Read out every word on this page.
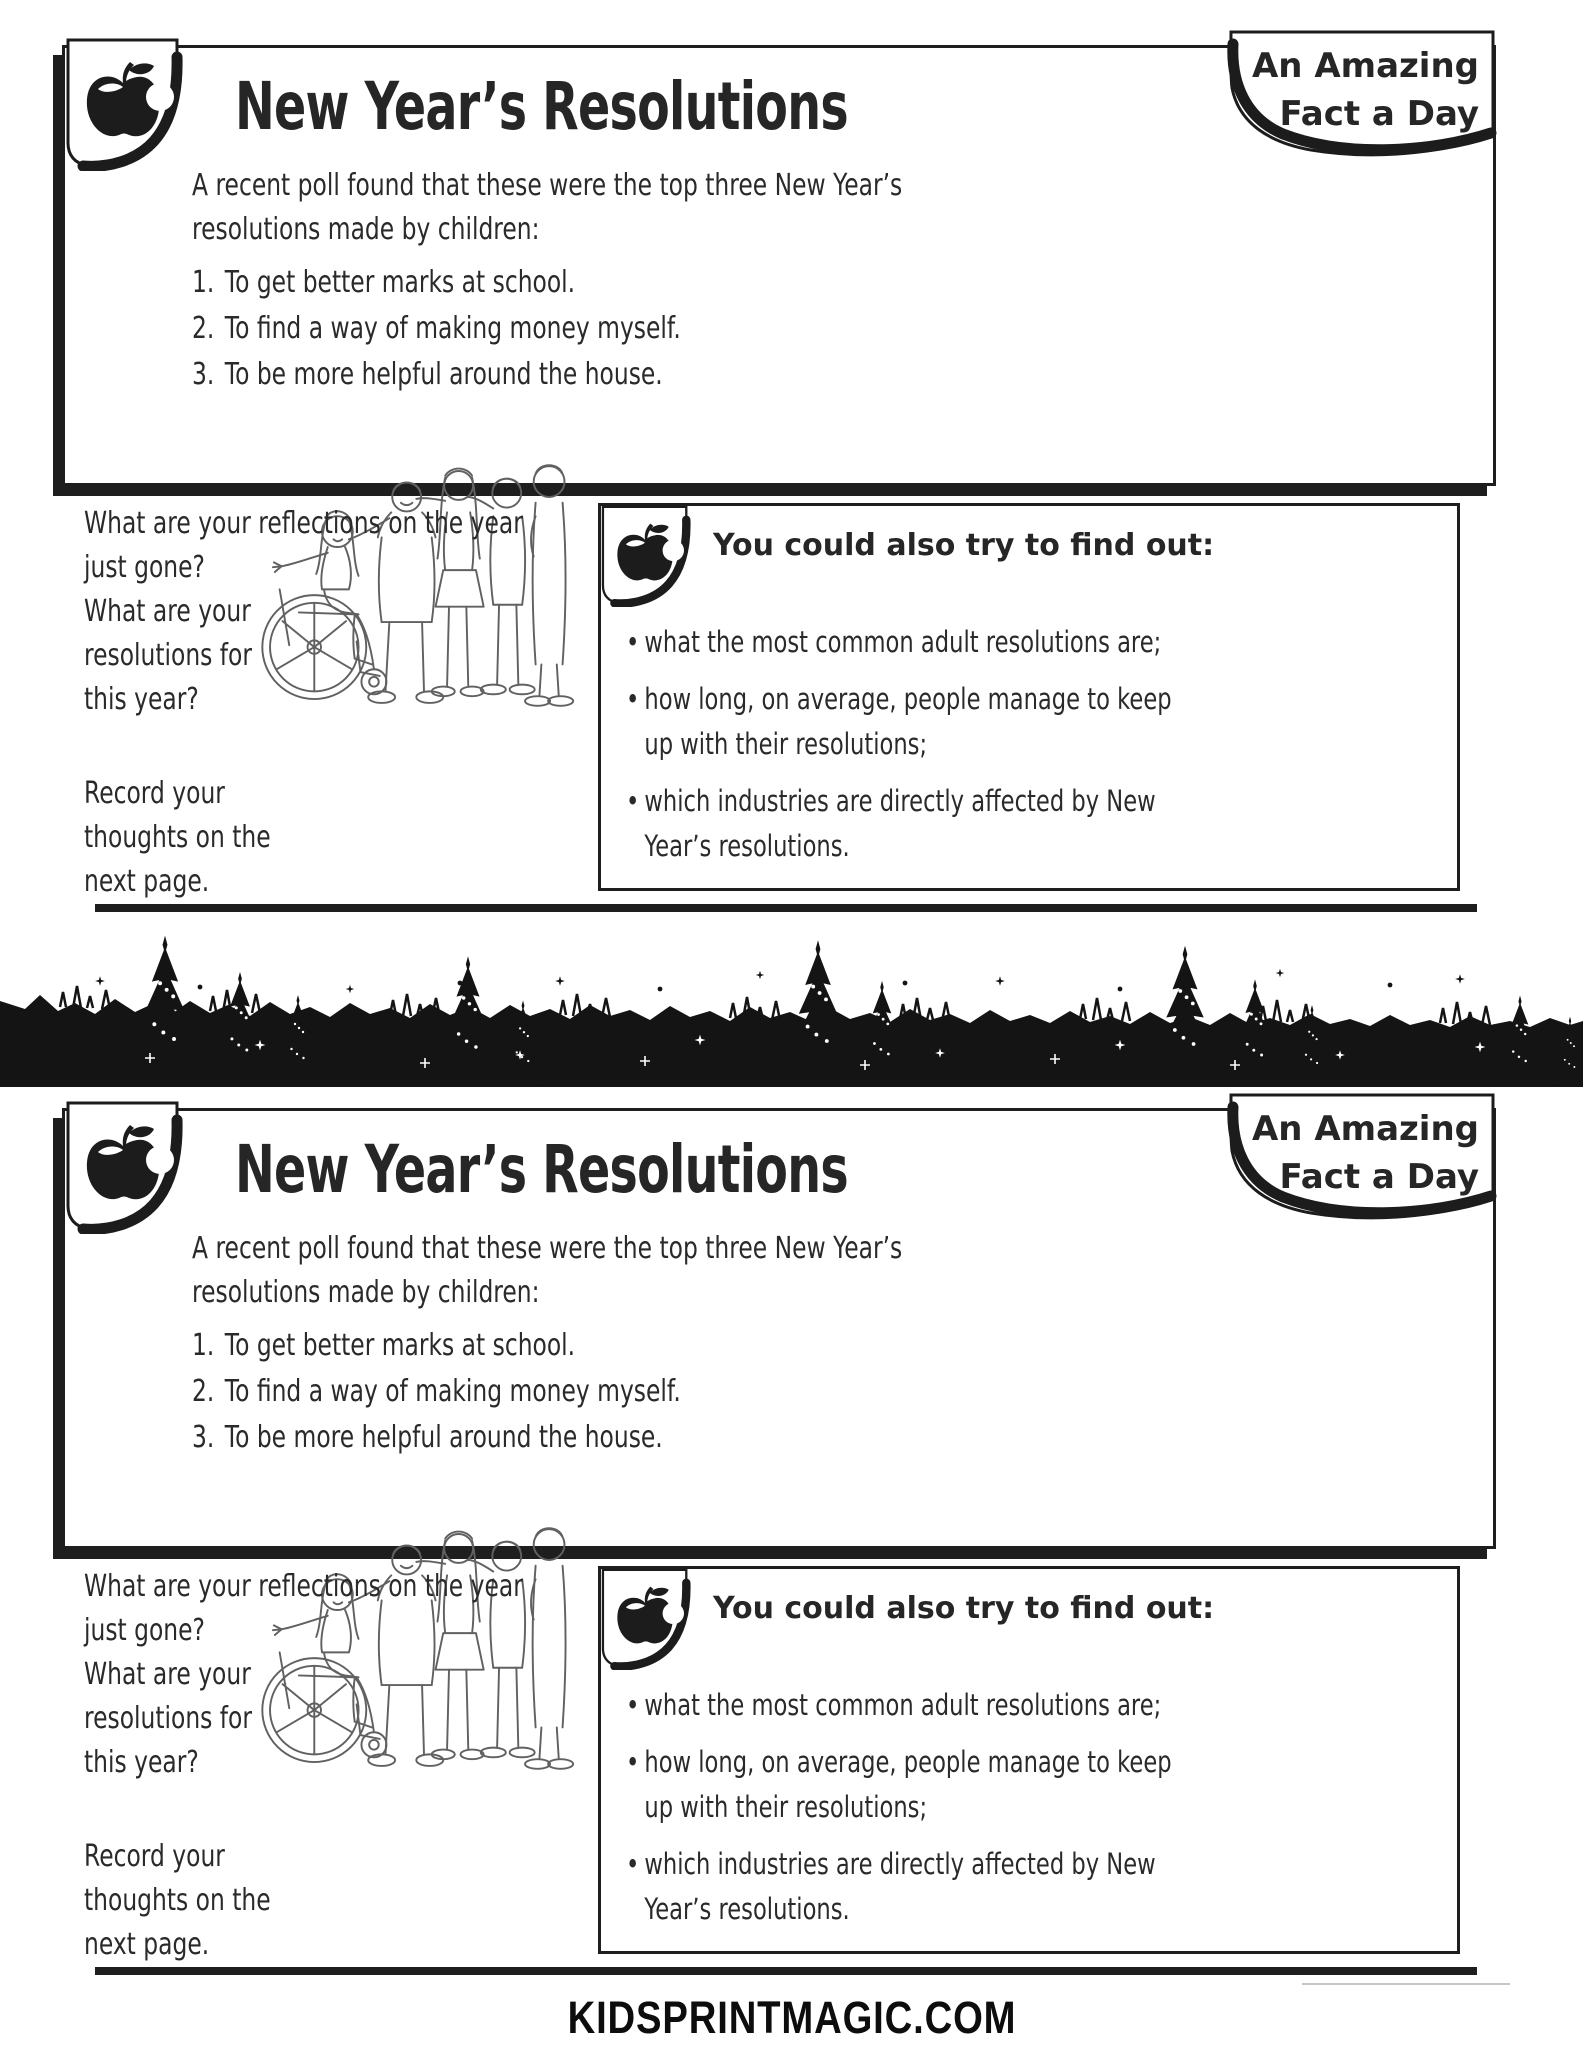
New Year’s Resolutions
An Amazing
Fact a Day
A recent poll found that these were the top three New Year’s
resolutions made by children:
1. To get better marks at school.
2. To find a way of making money myself.
3. To be more helpful around the house.
What are your reflections on the year
just gone?
What are your
resolutions for
this year?
Record your
thoughts on the
next page.
You could also try to find out:
• what the most common adult resolutions are;
• how long, on average, people manage to keep
up with their resolutions;
• which industries are directly affected by New
Year’s resolutions.
New Year’s Resolutions
An Amazing
Fact a Day
A recent poll found that these were the top three New Year’s
resolutions made by children:
1. To get better marks at school.
2. To find a way of making money myself.
3. To be more helpful around the house.
What are your reflections on the year
just gone?
What are your
resolutions for
this year?
Record your
thoughts on the
next page.
You could also try to find out:
• what the most common adult resolutions are;
• how long, on average, people manage to keep
up with their resolutions;
• which industries are directly affected by New
Year’s resolutions.
KIDSPRINTMAGIC.COM
